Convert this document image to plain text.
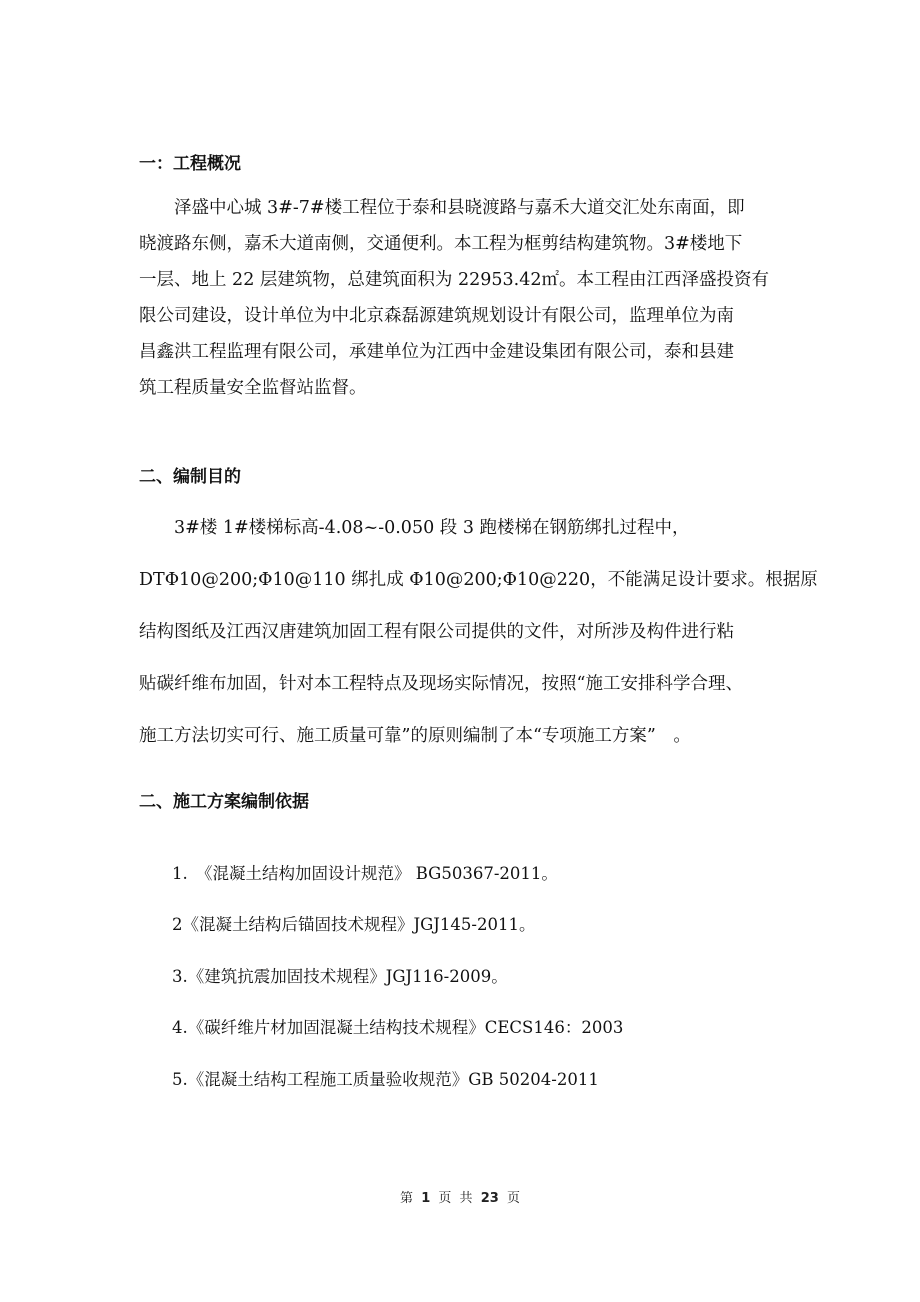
一：工程概况
泽盛中心城 3#-7#楼工程位于泰和县晓渡路与嘉禾大道交汇处东南面，即
晓渡路东侧，嘉禾大道南侧，交通便利。本工程为框剪结构建筑物。3#楼地下
一层、地上 22 层建筑物，总建筑面积为 22953.42㎡。本工程由江西泽盛投资有
限公司建设，设计单位为中北京森磊源建筑规划设计有限公司，监理单位为南
昌鑫洪工程监理有限公司，承建单位为江西中金建设集团有限公司，泰和县建
筑工程质量安全监督站监督。
二、编制目的
3#楼 1#楼梯标高-4.08~-0.050 段 3 跑楼梯在钢筋绑扎过程中，
DTΦ10@200;Φ10@110 绑扎成 Φ10@200;Φ10@220，不能满足设计要求。根据原
结构图纸及江西汉唐建筑加固工程有限公司提供的文件，对所涉及构件进行粘
贴碳纤维布加固，针对本工程特点及现场实际情况，按照“施工安排科学合理、
施工方法切实可行、施工质量可靠”的原则编制了本“专项施工方案”　。
二、施工方案编制依据
1.　《混凝土结构加固设计规范》 BG50367-2011。
2《混凝土结构后锚固技术规程》JGJ145-2011。
3.《建筑抗震加固技术规程》JGJ116-2009。
4.《碳纤维片材加固混凝土结构技术规程》CECS146：2003
5.《混凝土结构工程施工质量验收规范》GB 50204-2011
第 1 页 共 23 页
